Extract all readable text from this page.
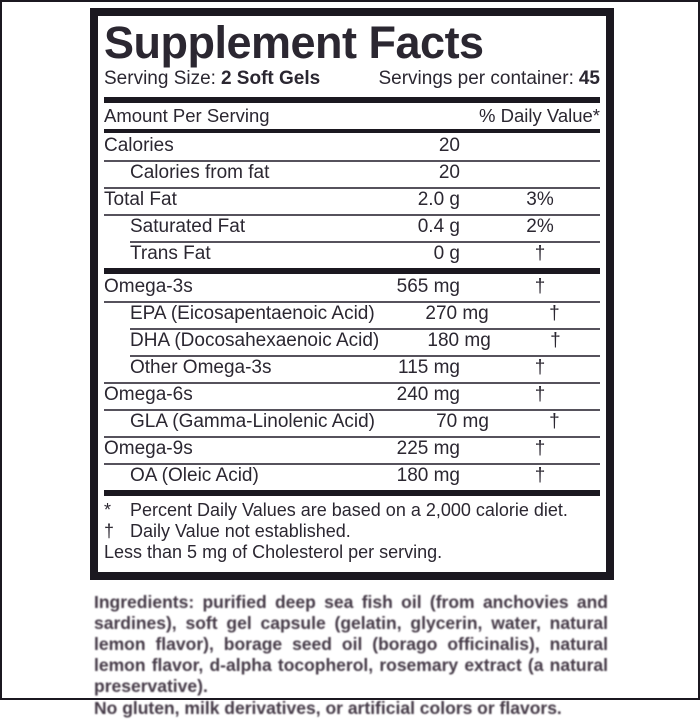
Supplement Facts
Serving Size: 2 Soft Gels	Servings per container: 45
Amount Per Serving	% Daily Value*
Calories	20
Calories from fat	20
Total Fat	2.0 g	3%
Saturated Fat	0.4 g	2%
Trans Fat	0 g	†
Omega-3s	565 mg	†
EPA (Eicosapentaenoic Acid)	270 mg	†
DHA (Docosahexaenoic Acid)	180 mg	†
Other Omega-3s	115 mg	†
Omega-6s	240 mg	†
GLA (Gamma-Linolenic Acid)	70 mg	†
Omega-9s	225 mg	†
OA (Oleic Acid)	180 mg	†
*	Percent Daily Values are based on a 2,000 calorie diet.
† Daily Value not established.
Less than 5 mg of Cholesterol per serving.

Ingredients: purified deep sea fish oil (from anchovies and sardines), soft gel capsule (gelatin, glycerin, water, natural lemon flavor), borage seed oil (borago officinalis), natural lemon flavor, d-alpha tocopherol, rosemary extract (a natural preservative).

No gluten, milk derivatives, or artificial colors or flavors.
